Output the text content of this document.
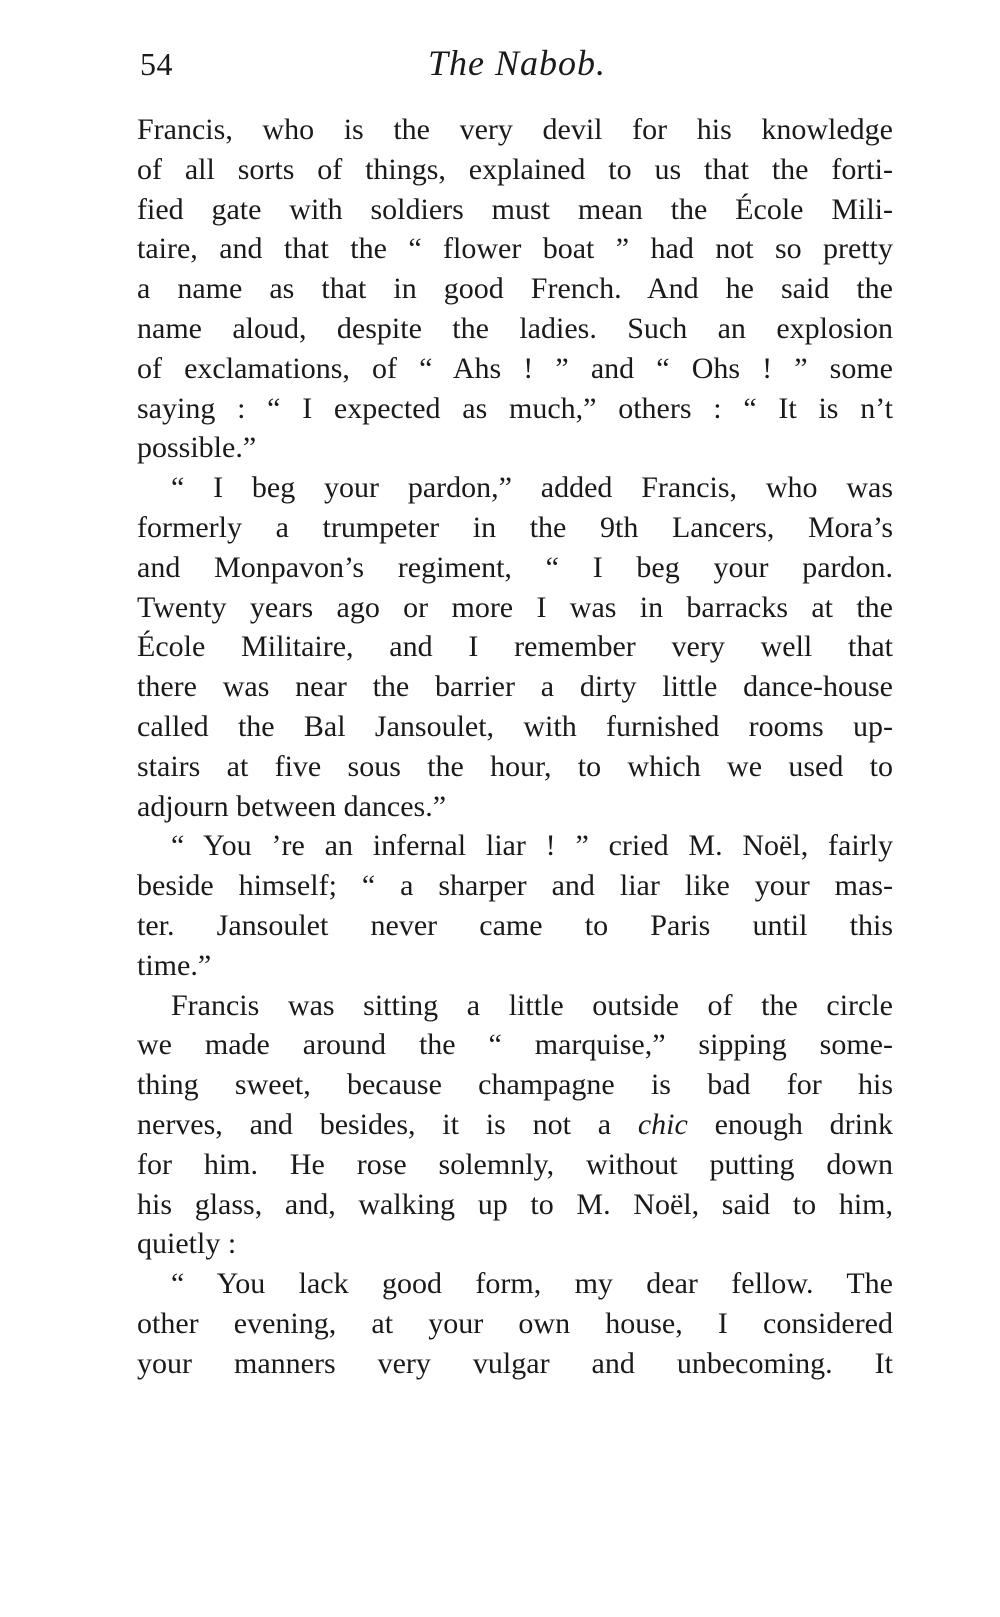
54	The Nabob.
Francis, who is the very devil for his knowledge
of all sorts of things, explained to us that the forti-
fied gate with soldiers must mean the École Mili-
taire, and that the “ flower boat ” had not so pretty
a name as that in good French. And he said the
name aloud, despite the ladies. Such an explosion
of exclamations, of “ Ahs ! ” and “ Ohs ! ” some
saying : “ I expected as much,” others : “ It is n’t
possible.”
“ I beg your pardon,” added Francis, who was
formerly a trumpeter in the 9th Lancers, Mora’s
and Monpavon’s regiment, “ I beg your pardon.
Twenty years ago or more I was in barracks at the
École Militaire, and I remember very well that
there was near the barrier a dirty little dance-house
called the Bal Jansoulet, with furnished rooms up-
stairs at five sous the hour, to which we used to
adjourn between dances.”
“ You ’re an infernal liar ! ” cried M. Noël, fairly
beside himself; “ a sharper and liar like your mas-
ter. Jansoulet never came to Paris until this
time.”
Francis was sitting a little outside of the circle
we made around the “ marquise,” sipping some-
thing sweet, because champagne is bad for his
nerves, and besides, it is not a chic enough drink
for him. He rose solemnly, without putting down
his glass, and, walking up to M. Noël, said to him,
quietly :
“ You lack good form, my dear fellow. The
other evening, at your own house, I considered
your manners very vulgar and unbecoming. It
